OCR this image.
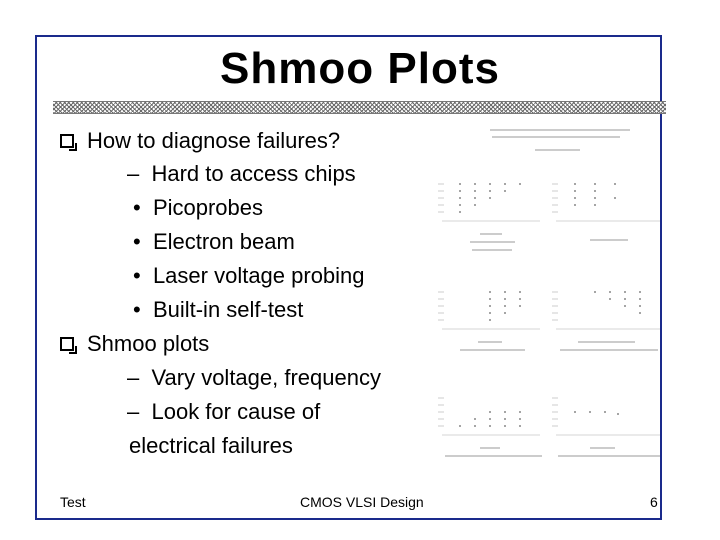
Shmoo Plots
How to diagnose failures?
– Hard to access chips
• Picoprobes
• Electron beam
• Laser voltage probing
• Built-in self-test
Shmoo plots
– Vary voltage, frequency
– Look for cause of
electrical failures
Test	CMOS VLSI Design	6
